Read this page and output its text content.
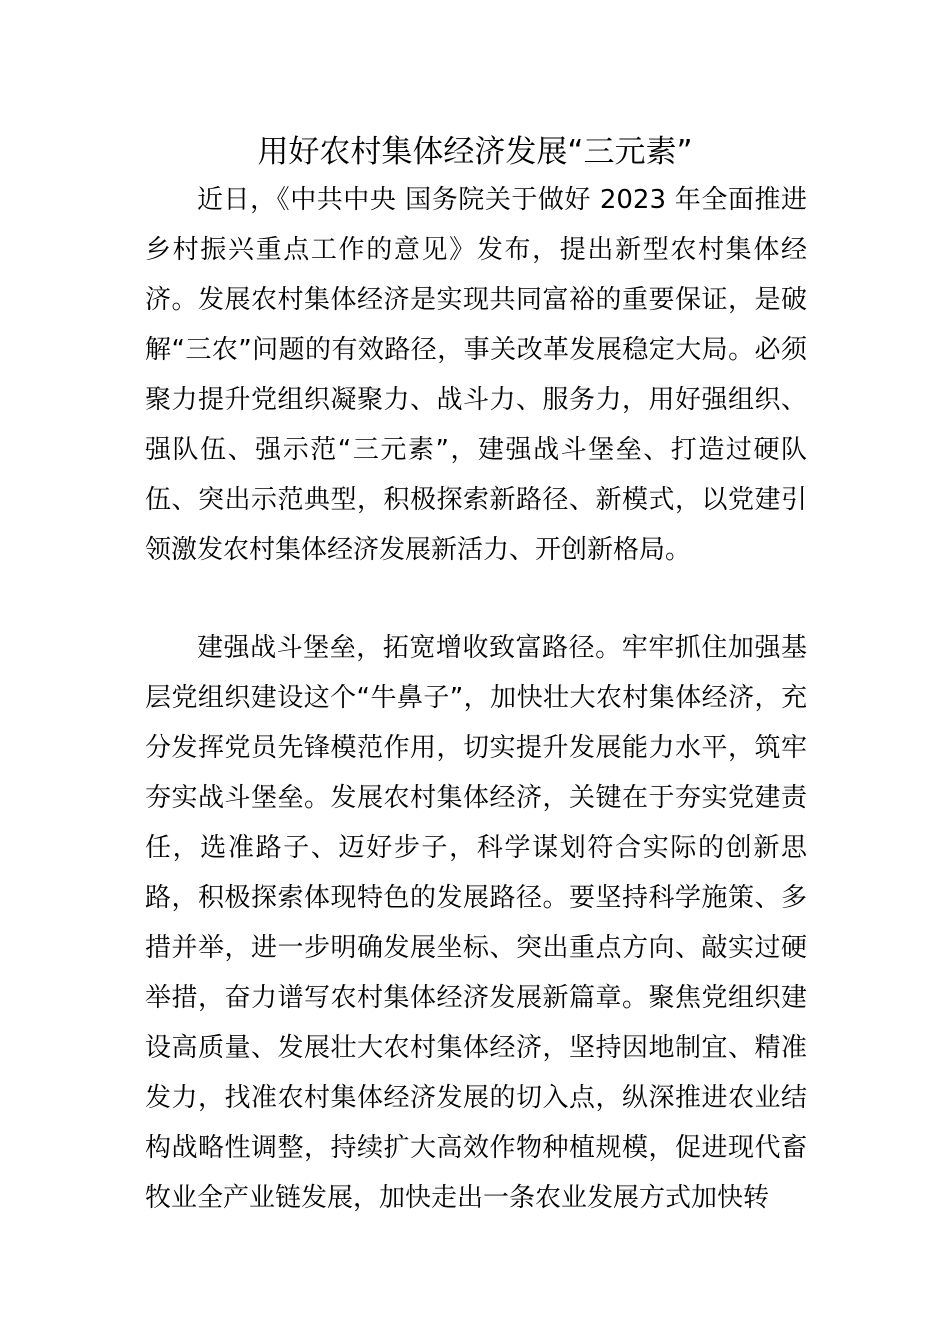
用好农村集体经济发展“三元素”

近日，《中共中央 国务院关于做好 2023 年全面推进乡村振兴重点工作的意见》发布，提出新型农村集体经济。发展农村集体经济是实现共同富裕的重要保证，是破解“三农”问题的有效路径，事关改革发展稳定大局。必须聚力提升党组织凝聚力、战斗力、服务力，用好强组织、强队伍、强示范“三元素”，建强战斗堡垒、打造过硬队伍、突出示范典型，积极探索新路径、新模式，以党建引领激发农村集体经济发展新活力、开创新格局。

建强战斗堡垒，拓宽增收致富路径。牢牢抓住加强基层党组织建设这个“牛鼻子”，加快壮大农村集体经济，充分发挥党员先锋模范作用，切实提升发展能力水平，筑牢夯实战斗堡垒。发展农村集体经济，关键在于夯实党建责任，选准路子、迈好步子，科学谋划符合实际的创新思路，积极探索体现特色的发展路径。要坚持科学施策、多措并举，进一步明确发展坐标、突出重点方向、敲实过硬举措，奋力谱写农村集体经济发展新篇章。聚焦党组织建设高质量、发展壮大农村集体经济，坚持因地制宜、精准发力，找准农村集体经济发展的切入点，纵深推进农业结构战略性调整，持续扩大高效作物种植规模，促进现代畜牧业全产业链发展，加快走出一条农业发展方式加快转
